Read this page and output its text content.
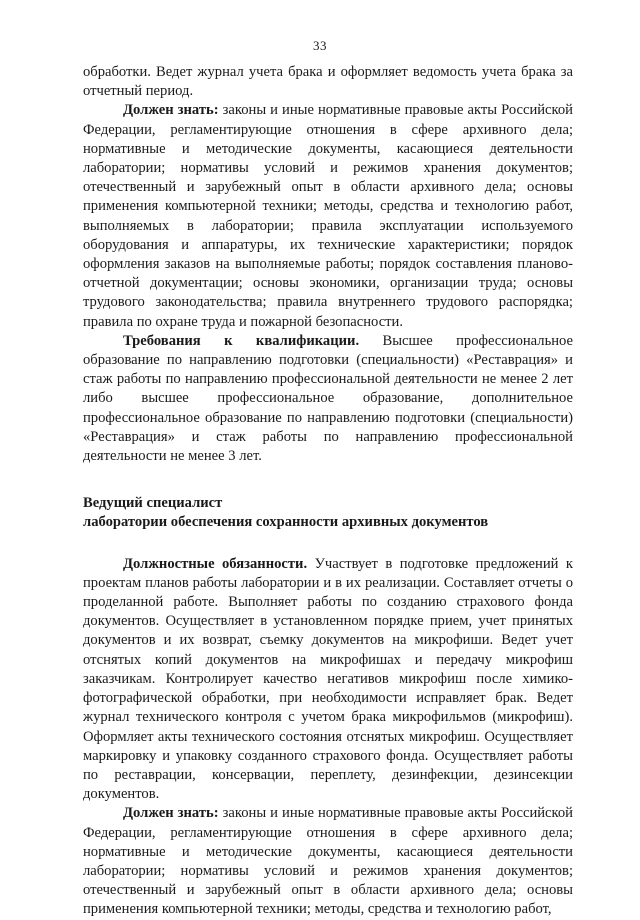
33

обработки. Ведет журнал учета брака и оформляет ведомость учета брака за отчетный период.

Должен знать: законы и иные нормативные правовые акты Российской Федерации, регламентирующие отношения в сфере архивного дела; нормативные и методические документы, касающиеся деятельности лаборатории; нормативы условий и режимов хранения документов; отечественный и зарубежный опыт в области архивного дела; основы применения компьютерной техники; методы, средства и технологию работ, выполняемых в лаборатории; правила эксплуатации используемого оборудования и аппаратуры, их технические характеристики; порядок оформления заказов на выполняемые работы; порядок составления планово-отчетной документации; основы экономики, организации труда; основы трудового законодательства; правила внутреннего трудового распорядка; правила по охране труда и пожарной безопасности.

Требования к квалификации. Высшее профессиональное образование по направлению подготовки (специальности) «Реставрация» и стаж работы по направлению профессиональной деятельности не менее 2 лет либо высшее профессиональное образование, дополнительное профессиональное образование по направлению подготовки (специальности) «Реставрация» и стаж работы по направлению профессиональной деятельности не менее 3 лет.

Ведущий специалист

лаборатории обеспечения сохранности архивных документов

Должностные обязанности. Участвует в подготовке предложений к проектам планов работы лаборатории и в их реализации. Составляет отчеты о проделанной работе. Выполняет работы по созданию страхового фонда документов. Осуществляет в установленном порядке прием, учет принятых документов и их возврат, съемку документов на микрофиши. Ведет учет отснятых копий документов на микрофишах и передачу микрофиш заказчикам. Контролирует качество негативов микрофиш после химико-фотографической обработки, при необходимости исправляет брак. Ведет журнал технического контроля с учетом брака микрофильмов (микрофиш). Оформляет акты технического состояния отснятых микрофиш. Осуществляет маркировку и упаковку созданного страхового фонда. Осуществляет работы по реставрации, консервации, переплету, дезинфекции, дезинсекции документов.

Должен знать: законы и иные нормативные правовые акты Российской Федерации, регламентирующие отношения в сфере архивного дела; нормативные и методические документы, касающиеся деятельности лаборатории; нормативы условий и режимов хранения документов; отечественный и зарубежный опыт в области архивного дела; основы применения компьютерной техники; методы, средства и технологию работ,
